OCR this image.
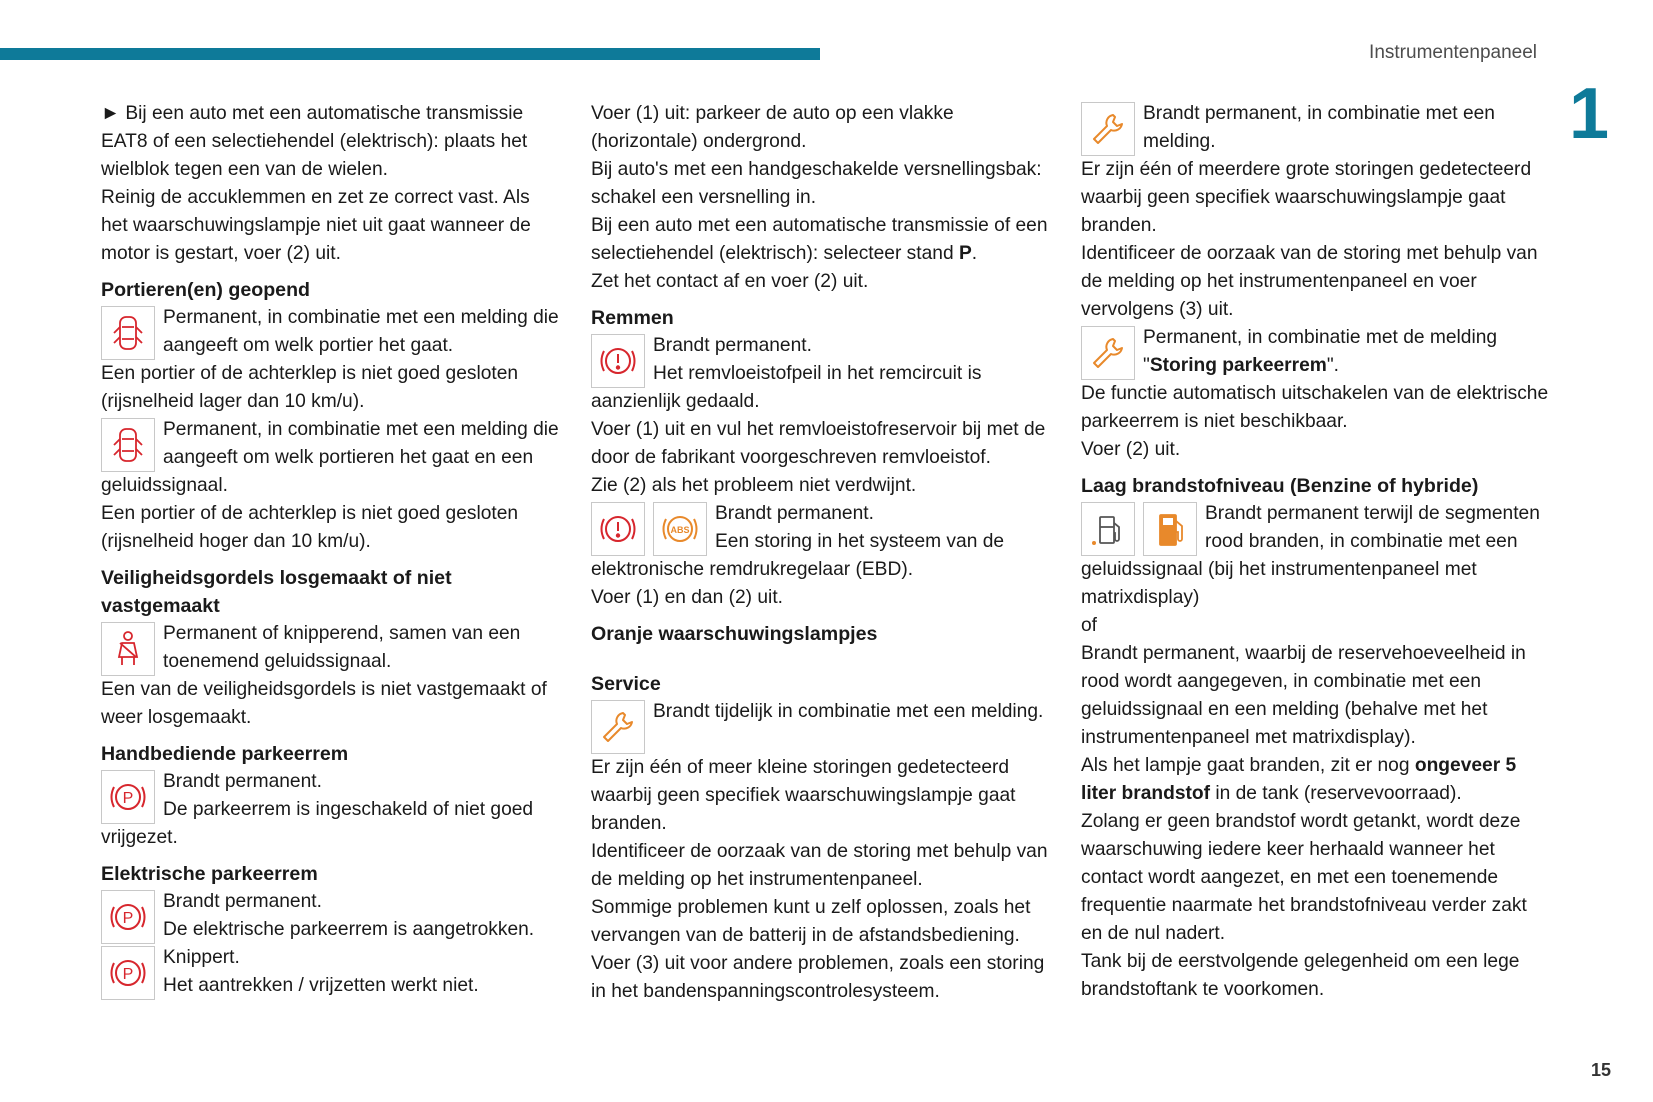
Instrumentenpaneel
1
15

► Bij een auto met een automatische transmissie EAT8 of een selectiehendel (elektrisch): plaats het wielblok tegen een van de wielen.

Reinig de accuklemmen en zet ze correct vast. Als het waarschuwingslampje niet uit gaat wanneer de motor is gestart, voer (2) uit.

Portieren(en) geopend

Permanent, in combinatie met een melding die aangeeft om welk portier het gaat.

Een portier of de achterklep is niet goed gesloten (rijsnelheid lager dan 10 km/u).

Permanent, in combinatie met een melding die aangeeft om welk portieren het gaat en een geluidssignaal.

Een portier of de achterklep is niet goed gesloten (rijsnelheid hoger dan 10 km/u).

Veiligheidsgordels losgemaakt of niet vastgemaakt

Permanent of knipperend, samen van een toenemend geluidssignaal.

Een van de veiligheidsgordels is niet vastgemaakt of weer losgemaakt.

Handbediende parkeerrem
P

Brandt permanent.

De parkeerrem is ingeschakeld of niet goed vrijgezet.

Elektrische parkeerrem
P

Brandt permanent.

De elektrische parkeerrem is aangetrokken.

P

Knippert.

Het aantrekken / vrijzetten werkt niet.

Voer (1) uit: parkeer de auto op een vlakke (horizontale) ondergrond.

Bij auto's met een handgeschakelde versnellingsbak: schakel een versnelling in.

Bij een auto met een automatische transmissie of een selectiehendel (elektrisch): selecteer stand P.

Zet het contact af en voer (2) uit.

Remmen

Brandt permanent.

Het remvloeistofpeil in het remcircuit is aanzienlijk gedaald.

Voer (1) uit en vul het remvloeistofreservoir bij met de door de fabrikant voorgeschreven remvloeistof.

Zie (2) als het probleem niet verdwijnt.

ABS

Brandt permanent.

Een storing in het systeem van de elektronische remdrukregelaar (EBD).

Voer (1) en dan (2) uit.

Oranje waarschuwingslampjes
Service

Brandt tijdelijk in combinatie met een melding.

Er zijn één of meer kleine storingen gedetecteerd waarbij geen specifiek waarschuwingslampje gaat branden.

Identificeer de oorzaak van de storing met behulp van de melding op het instrumentenpaneel.

Sommige problemen kunt u zelf oplossen, zoals het vervangen van de batterij in de afstandsbediening.

Voer (3) uit voor andere problemen, zoals een storing in het bandenspanningscontrolesysteem.

Brandt permanent, in combinatie met een melding.

Er zijn één of meerdere grote storingen gedetecteerd waarbij geen specifiek waarschuwingslampje gaat branden.

Identificeer de oorzaak van de storing met behulp van de melding op het instrumentenpaneel en voer vervolgens (3) uit.

Permanent, in combinatie met de melding
"Storing parkeerrem".

De functie automatisch uitschakelen van de elektrische parkeerrem is niet beschikbaar.

Voer (2) uit.

Laag brandstofniveau (Benzine of hybride)

Brandt permanent terwijl de segmenten rood branden, in combinatie met een geluidssignaal (bij het instrumentenpaneel met matrixdisplay)

of

Brandt permanent, waarbij de reservehoeveelheid in rood wordt aangegeven, in combinatie met een geluidssignaal en een melding (behalve met het instrumentenpaneel met matrixdisplay).

Als het lampje gaat branden, zit er nog ongeveer 5 liter brandstof in de tank (reservevoorraad).

Zolang er geen brandstof wordt getankt, wordt deze waarschuwing iedere keer herhaald wanneer het contact wordt aangezet, en met een toenemende frequentie naarmate het brandstofniveau verder zakt en de nul nadert.

Tank bij de eerstvolgende gelegenheid om een lege brandstoftank te voorkomen.
